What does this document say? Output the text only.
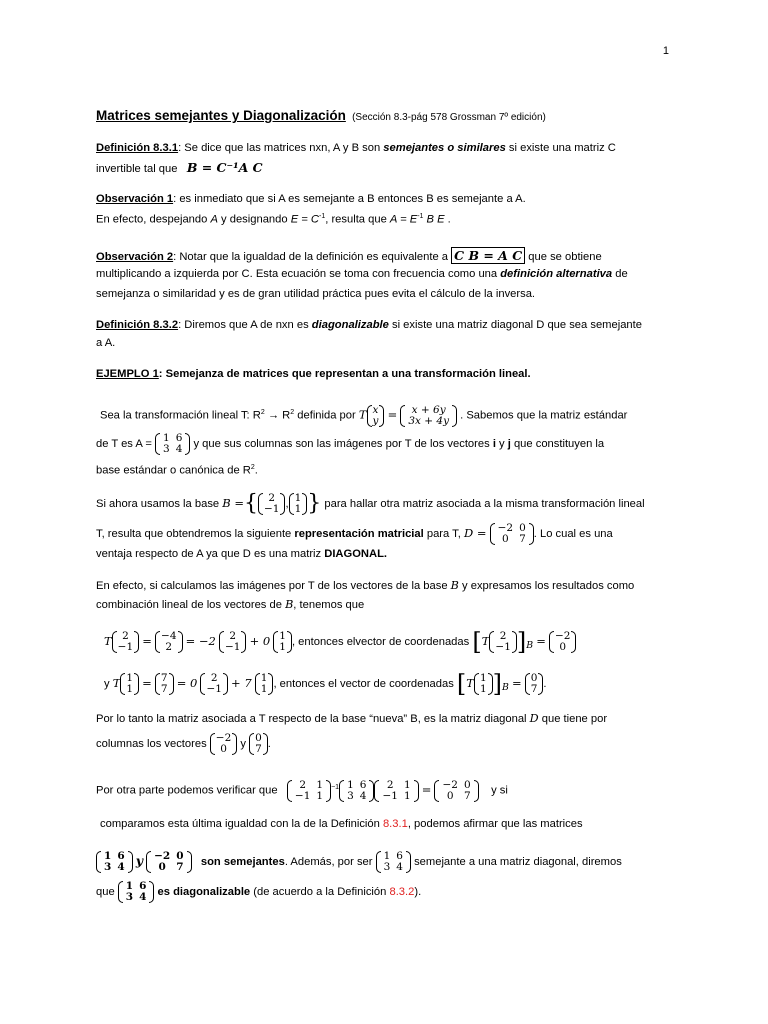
1
Matrices semejantes y Diagonalización (Sección 8.3-pág 578 Grossman 7º edición)
Definición 8.3.1: Se dice que las matrices nxn, A y B son semejantes o similares si existe una matriz C
invertible tal que B = C⁻¹A C
Observación 1: es inmediato que si A es semejante a B entonces B es semejante a A.
En efecto, despejando A y designando $E = C^{-1}$, resulta que $A = E^{-1}$ B E .
Observación 2: Notar que la igualdad de la definición es equivalente a C B = A C que se obtiene
multiplicando a izquierda por C. Esta ecuación se toma con frecuencia como una definición alternativa de
semejanza o similaridad y es de gran utilidad práctica pues evita el cálculo de la inversa.
Definición 8.3.2: Diremos que A de nxn es diagonalizable si existe una matriz diagonal D que sea semejante
a A.
EJEMPLO 1: Semejanza de matrices que representan a una transformación lineal.
Sea la transformación lineal T: $R^2 \to R^2$ definida por T x
y = x + 6y
3x + 4y . Sabemos que la matriz estándar
de T es A = 1	6
3	4 y que sus columnas son las imágenes por T de los vectores i y j que constituyen la
base estándar o canónica de $R^2$.
Si ahora usamos la base B ={ 2
−1 , 1
1 } para hallar otra matriz asociada a la misma transformación lineal
T, resulta que obtendremos la siguiente representación matricial para T, D = −2	0
0	7 . Lo cual es una
ventaja respecto de A ya que D es una matriz DIAGONAL.
En efecto, si calculamos las imágenes por T de los vectores de la base B y expresamos los resultados como
combinación lineal de los vectores de B, tenemos que
T 2
−1 = −4
2 = −2 2
−1 + 0 1
1 , entonces elvector de coordenadas [T 2
−1 ]$_B = -2$
0
y T 1
1 = 7
7 = 0 2
−1 + 7 1
1 , entonces el vector de coordenadas [T 1
1 ]$_B = 0$
7 .
Por lo tanto la matriz asociada a T respecto de la base “nueva” B, es la matriz diagonal D que tiene por
columnas los vectores −2
0 y 0
7 .
Por otra parte podemos verificar que 2	1
−1	1
$^{-1}$ 1	6
3	4
2	1
−1	1 = −2	0
0	7 y si
comparamos esta última igualdad con la de la Definición 8.3.1, podemos afirmar que las matrices
1	6
3	4 y −2	0
0	7 son semejantes. Además, por ser 1	6
3	4 semejante a una matriz diagonal, diremos
que 1	6
3	4 es diagonalizable (de acuerdo a la Definición 8.3.2).
